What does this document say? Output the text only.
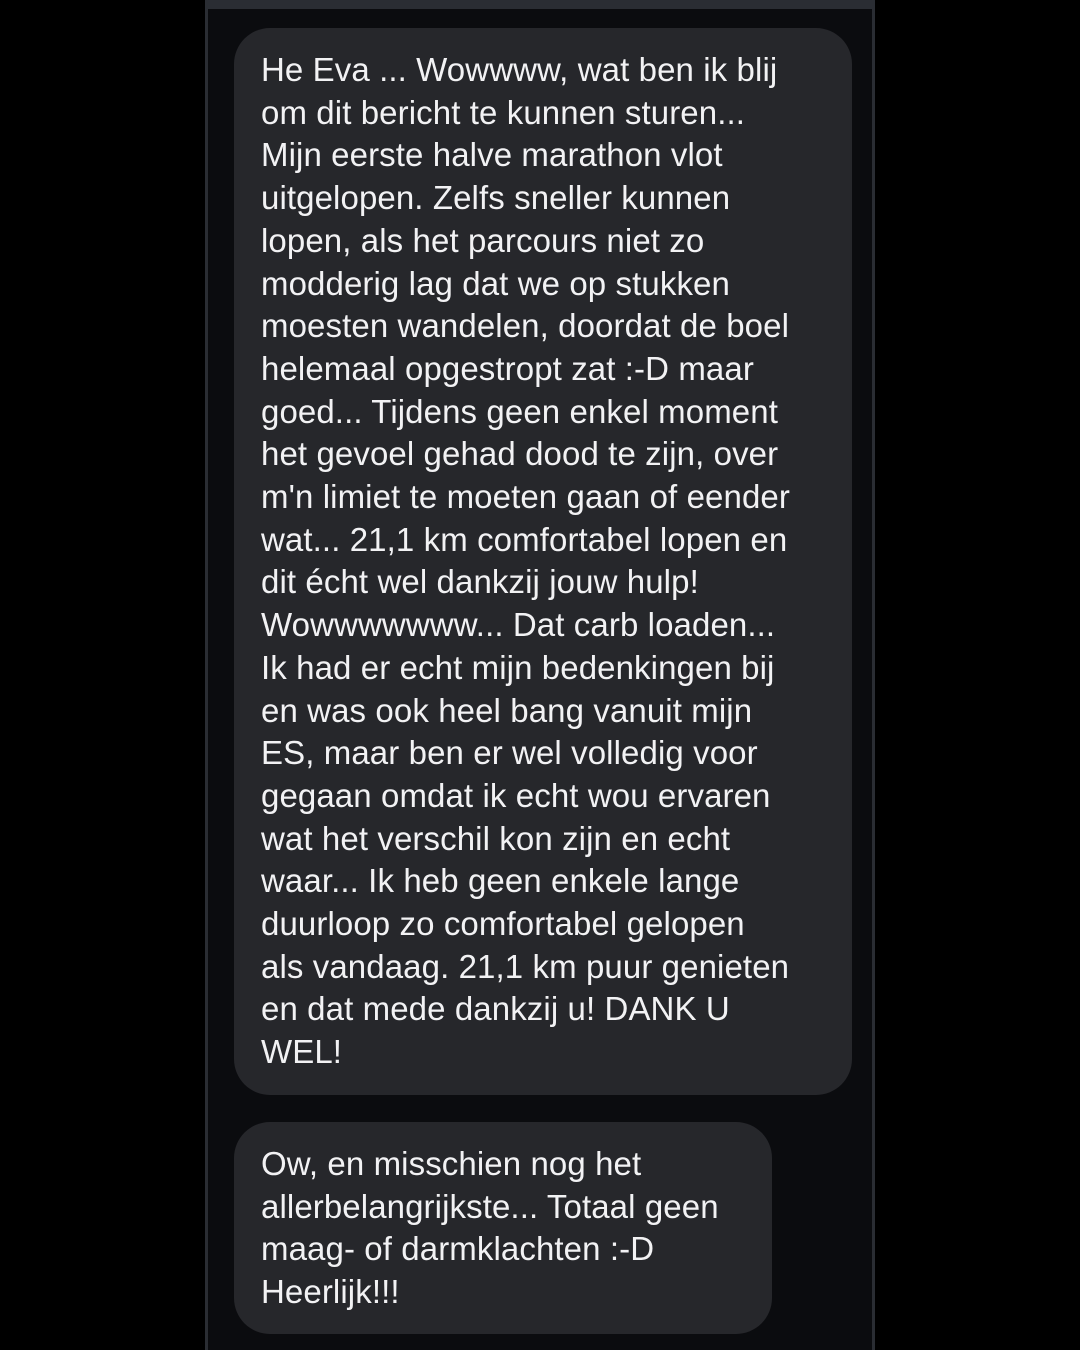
He Eva ... Wowwww, wat ben ik blij
om dit bericht te kunnen sturen...
Mijn eerste halve marathon vlot
uitgelopen. Zelfs sneller kunnen
lopen, als het parcours niet zo
modderig lag dat we op stukken
moesten wandelen, doordat de boel
helemaal opgestropt zat :-D maar
goed... Tijdens geen enkel moment
het gevoel gehad dood te zijn, over
m'n limiet te moeten gaan of eender
wat... 21,1 km comfortabel lopen en
dit écht wel dankzij jouw hulp!
Wowwwwwww... Dat carb loaden...
Ik had er echt mijn bedenkingen bij
en was ook heel bang vanuit mijn
ES, maar ben er wel volledig voor
gegaan omdat ik echt wou ervaren
wat het verschil kon zijn en echt
waar... Ik heb geen enkele lange
duurloop zo comfortabel gelopen
als vandaag. 21,1 km puur genieten
en dat mede dankzij u! DANK U
WEL!

Ow, en misschien nog het
allerbelangrijkste... Totaal geen
maag- of darmklachten :-D
Heerlijk!!!
